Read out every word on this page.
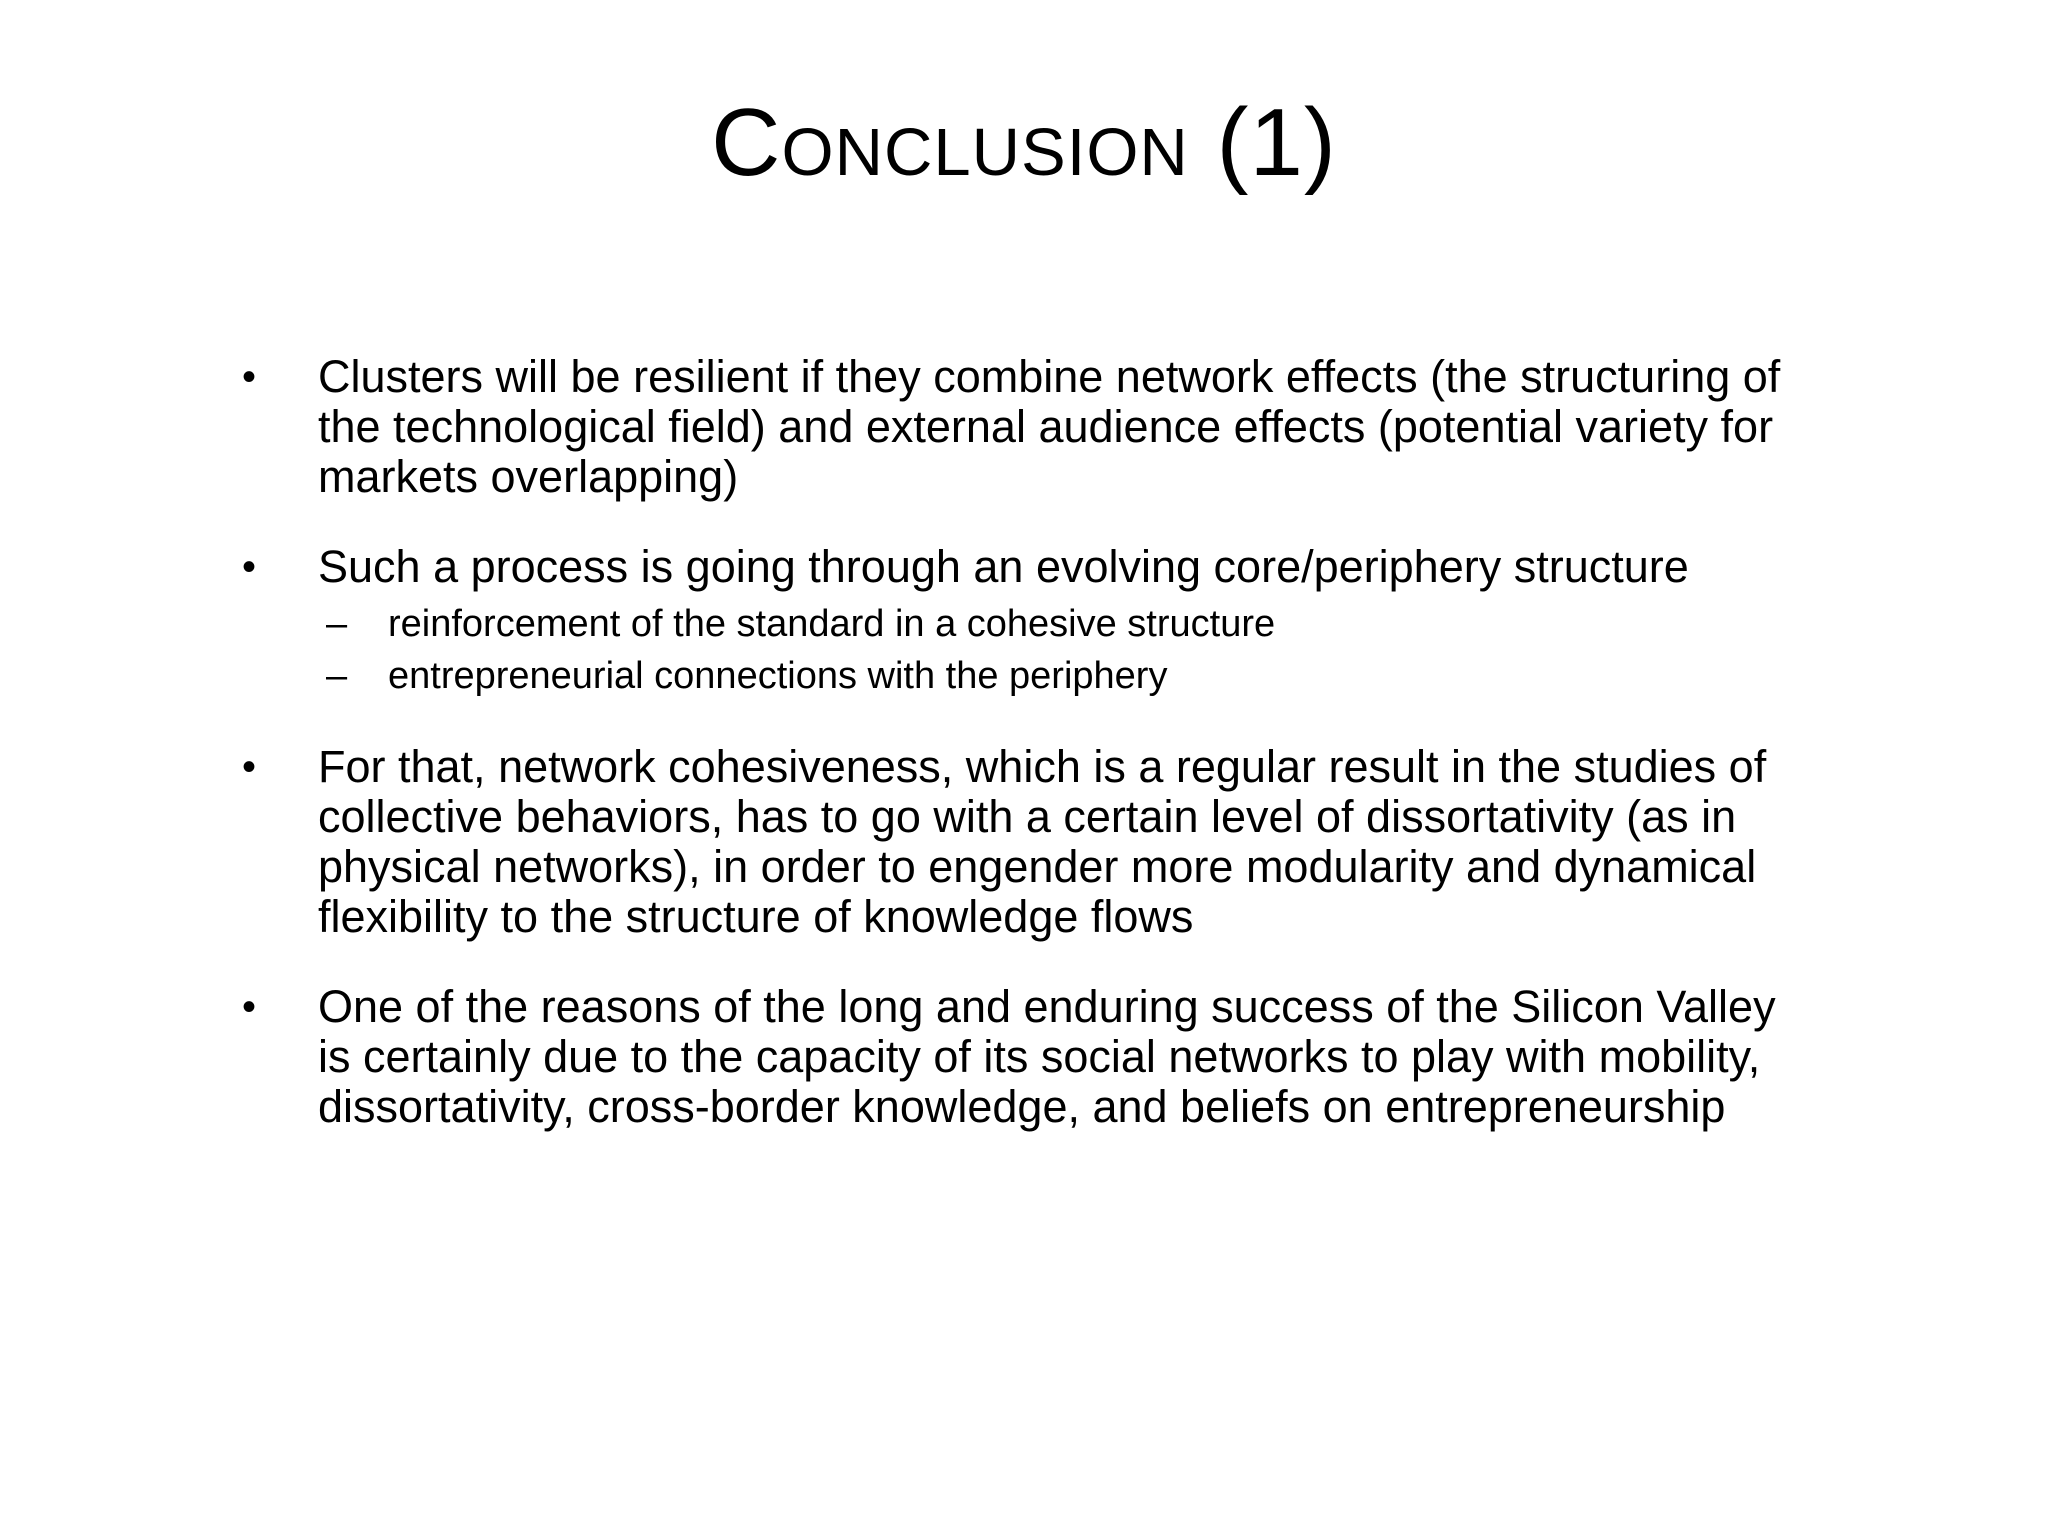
Conclusion (1)
• Clusters will be resilient if they combine network effects (the structuring of the technological field) and external audience effects (potential variety for markets overlapping)
• Such a process is going through an evolving core/periphery structure
– reinforcement of the standard in a cohesive structure
– entrepreneurial connections with the periphery
• For that, network cohesiveness, which is a regular result in the studies of collective behaviors, has to go with a certain level of dissortativity (as in physical networks), in order to engender more modularity and dynamical flexibility to the structure of knowledge flows
• One of the reasons of the long and enduring success of the Silicon Valley is certainly due to the capacity of its social networks to play with mobility, dissortativity, cross-border knowledge, and beliefs on entrepreneurship
